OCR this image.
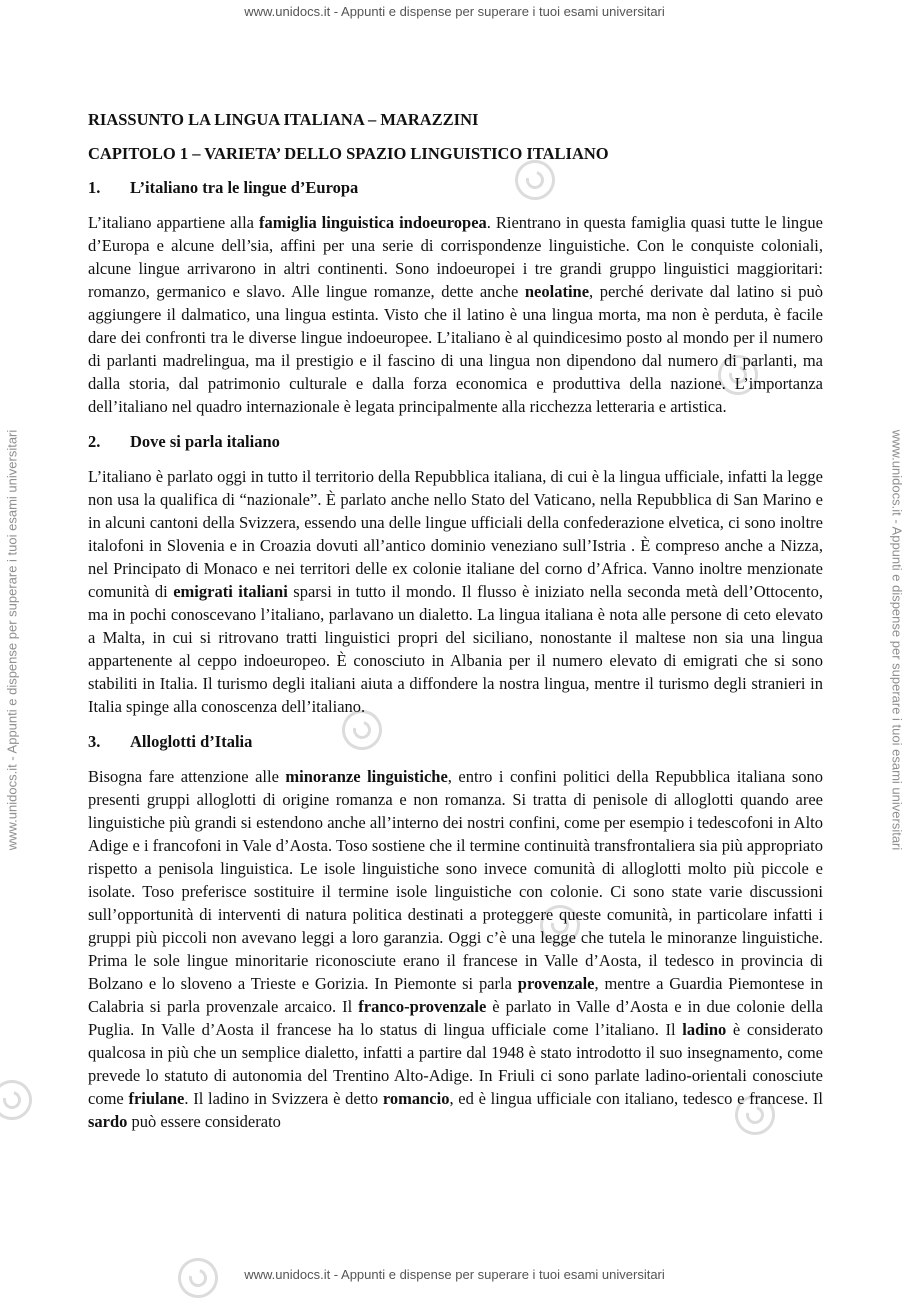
www.unidocs.it - Appunti e dispense per superare i tuoi esami universitari
www.unidocs.it - Appunti e dispense per superare i tuoi esami universitari
www.unidocs.it - Appunti e dispense per superare i tuoi esami universitari	www.unidocs.it - Appunti e dispense per superare i tuoi esami universitari
RIASSUNTO LA LINGUA ITALIANA – MARAZZINI
CAPITOLO 1 – VARIETA’ DELLO SPAZIO LINGUISTICO ITALIANO
1. L’italiano tra le lingue d’Europa

L’italiano appartiene alla famiglia linguistica indoeuropea. Rientrano in questa famiglia quasi tutte le lingue d’Europa e alcune dell’sia, affini per una serie di corrispondenze linguistiche. Con le conquiste coloniali, alcune lingue arrivarono in altri continenti. Sono indoeuropei i tre grandi gruppo linguistici maggioritari: romanzo, germanico e slavo. Alle lingue romanze, dette anche neolatine, perché derivate dal latino si può aggiungere il dalmatico, una lingua estinta. Visto che il latino è una lingua morta, ma non è perduta, è facile dare dei confronti tra le diverse lingue indoeuropee. L’italiano è al quindicesimo posto al mondo per il numero di parlanti madrelingua, ma il prestigio e il fascino di una lingua non dipendono dal numero di parlanti, ma dalla storia, dal patrimonio culturale e dalla forza economica e produttiva della nazione. L’importanza dell’italiano nel quadro internazionale è legata principalmente alla ricchezza letteraria e artistica.

2. Dove si parla italiano

L’italiano è parlato oggi in tutto il territorio della Repubblica italiana, di cui è la lingua ufficiale, infatti la legge non usa la qualifica di “nazionale”. È parlato anche nello Stato del Vaticano, nella Repubblica di San Marino e in alcuni cantoni della Svizzera, essendo una delle lingue ufficiali della confederazione elvetica, ci sono inoltre italofoni in Slovenia e in Croazia dovuti all’antico dominio veneziano sull’Istria . È compreso anche a Nizza, nel Principato di Monaco e nei territori delle ex colonie italiane del corno d’Africa. Vanno inoltre menzionate comunità di emigrati italiani sparsi in tutto il mondo. Il flusso è iniziato nella seconda metà dell’Ottocento, ma in pochi conoscevano l’italiano, parlavano un dialetto. La lingua italiana è nota alle persone di ceto elevato a Malta, in cui si ritrovano tratti linguistici propri del siciliano, nonostante il maltese non sia una lingua appartenente al ceppo indoeuropeo. È conosciuto in Albania per il numero elevato di emigrati che si sono stabiliti in Italia. Il turismo degli italiani aiuta a diffondere la nostra lingua, mentre il turismo degli stranieri in Italia spinge alla conoscenza dell’italiano.

3. Alloglotti d’Italia

Bisogna fare attenzione alle minoranze linguistiche, entro i confini politici della Repubblica italiana sono presenti gruppi alloglotti di origine romanza e non romanza. Si tratta di penisole di alloglotti quando aree linguistiche più grandi si estendono anche all’interno dei nostri confini, come per esempio i tedescofoni in Alto Adige e i francofoni in Vale d’Aosta. Toso sostiene che il termine continuità transfrontaliera sia più appropriato rispetto a penisola linguistica. Le isole linguistiche sono invece comunità di alloglotti molto più piccole e isolate. Toso preferisce sostituire il termine isole linguistiche con colonie. Ci sono state varie discussioni sull’opportunità di interventi di natura politica destinati a proteggere queste comunità, in particolare infatti i gruppi più piccoli non avevano leggi a loro garanzia. Oggi c’è una legge che tutela le minoranze linguistiche. Prima le sole lingue minoritarie riconosciute erano il francese in Valle d’Aosta, il tedesco in provincia di Bolzano e lo sloveno a Trieste e Gorizia. In Piemonte si parla provenzale, mentre a Guardia Piemontese in Calabria si parla provenzale arcaico. Il franco-provenzale è parlato in Valle d’Aosta e in due colonie della Puglia. In Valle d’Aosta il francese ha lo status di lingua ufficiale come l’italiano. Il ladino è considerato qualcosa in più che un semplice dialetto, infatti a partire dal 1948 è stato introdotto il suo insegnamento, come prevede lo statuto di autonomia del Trentino Alto-Adige. In Friuli ci sono parlate ladino-orientali conosciute come friulane. Il ladino in Svizzera è detto romancio, ed è lingua ufficiale con italiano, tedesco e francese. Il sardo può essere considerato
